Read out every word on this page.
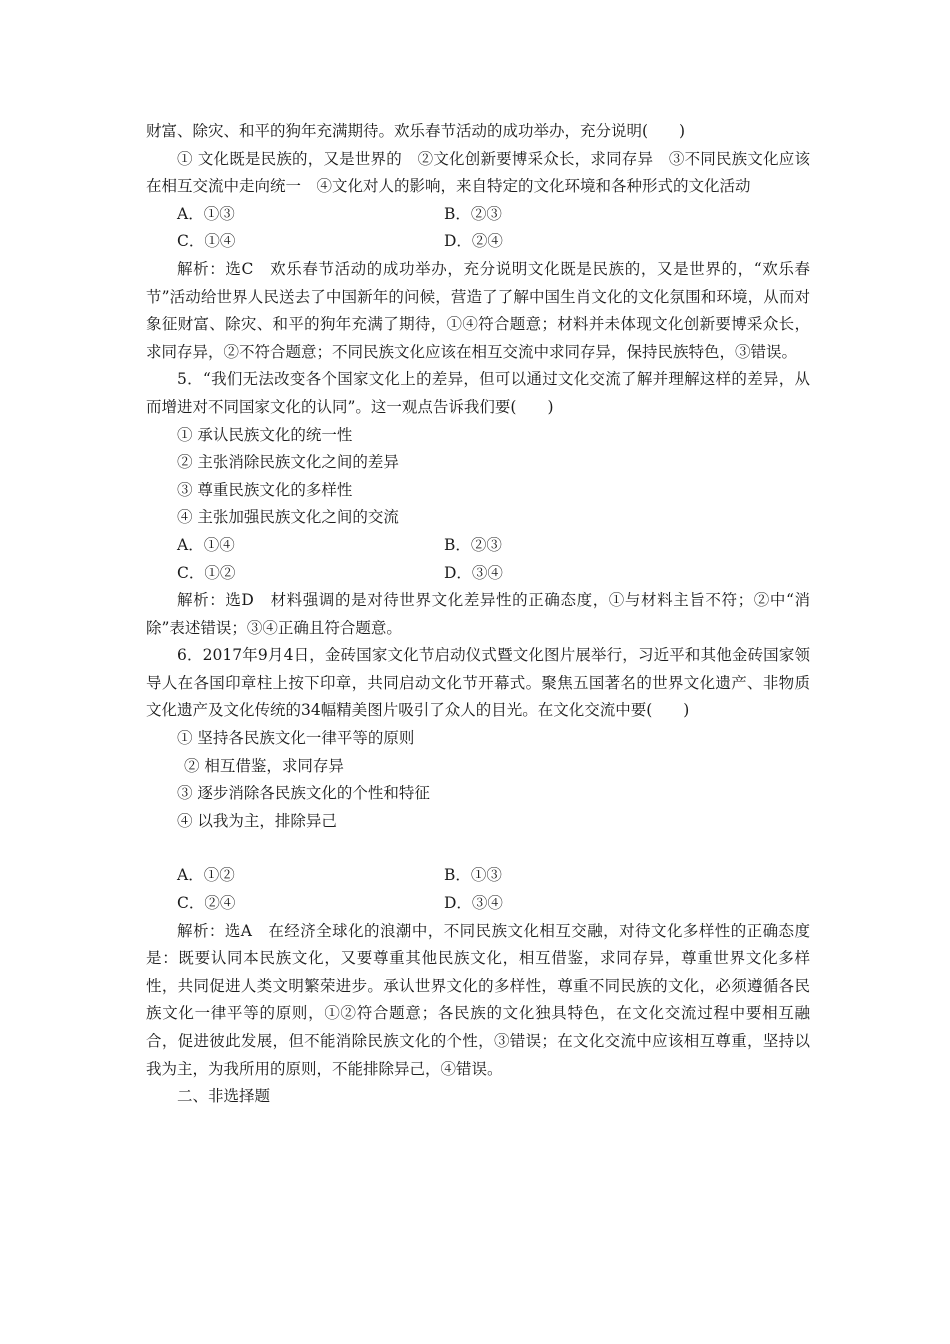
财富、除灾、和平的狗年充满期待。欢乐春节活动的成功举办，充分说明(　　)

① 文化既是民族的，又是世界的　②文化创新要博采众长，求同存异　③不同民族文化应该在相互交流中走向统一　④文化对人的影响，来自特定的文化环境和各种形式的文化活动

A．①③	B．②③
C．①④	D．②④

解析：选C　欢乐春节活动的成功举办，充分说明文化既是民族的，又是世界的，“欢乐春节”活动给世界人民送去了中国新年的问候，营造了了解中国生肖文化的文化氛围和环境，从而对象征财富、除灾、和平的狗年充满了期待，①④符合题意；材料并未体现文化创新要博采众长，求同存异，②不符合题意；不同民族文化应该在相互交流中求同存异，保持民族特色，③错误。

5．“我们无法改变各个国家文化上的差异，但可以通过文化交流了解并理解这样的差异，从而增进对不同国家文化的认同”。这一观点告诉我们要(　　)

① 承认民族文化的统一性

② 主张消除民族文化之间的差异

③ 尊重民族文化的多样性

④ 主张加强民族文化之间的交流

A．①④	B．②③
C．①②	D．③④

解析：选D　材料强调的是对待世界文化差异性的正确态度，①与材料主旨不符；②中“消除”表述错误；③④正确且符合题意。

6．2017年9月4日，金砖国家文化节启动仪式暨文化图片展举行，习近平和其他金砖国家领导人在各国印章柱上按下印章，共同启动文化节开幕式。聚焦五国著名的世界文化遗产、非物质文化遗产及文化传统的34幅精美图片吸引了众人的目光。在文化交流中要(　　)

① 坚持各民族文化一律平等的原则

② 相互借鉴，求同存异

③ 逐步消除各民族文化的个性和特征

④ 以我为主，排除异己

A．①②	B．①③
C．②④	D．③④

解析：选A　在经济全球化的浪潮中，不同民族文化相互交融，对待文化多样性的正确态度是：既要认同本民族文化，又要尊重其他民族文化，相互借鉴，求同存异，尊重世界文化多样性，共同促进人类文明繁荣进步。承认世界文化的多样性，尊重不同民族的文化，必须遵循各民族文化一律平等的原则，①②符合题意；各民族的文化独具特色，在文化交流过程中要相互融合，促进彼此发展，但不能消除民族文化的个性，③错误；在文化交流中应该相互尊重，坚持以我为主，为我所用的原则，不能排除异己，④错误。

二、非选择题
